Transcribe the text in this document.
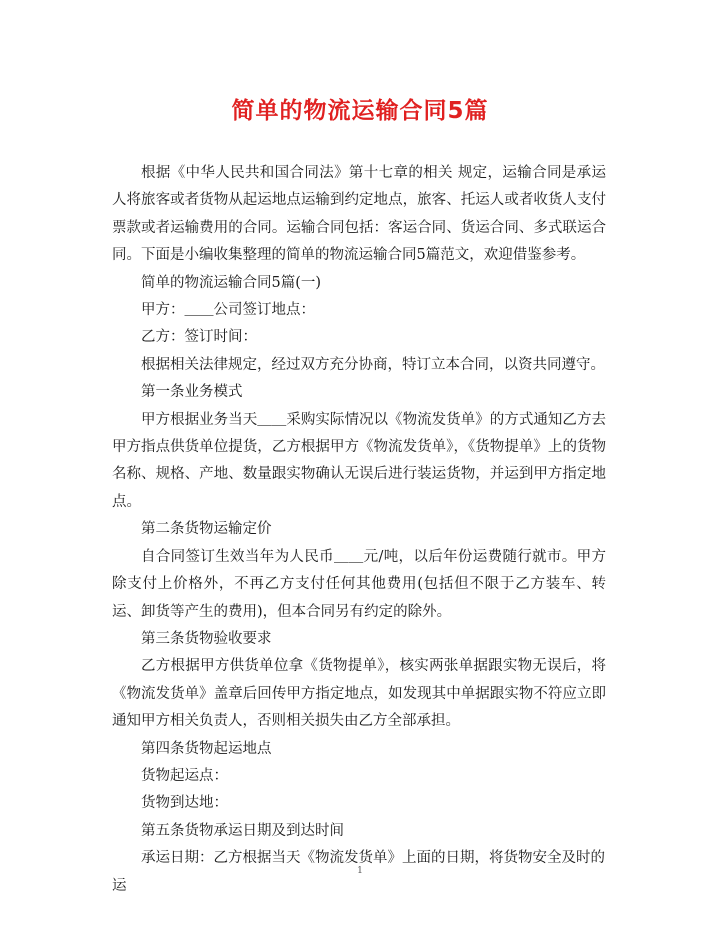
简单的物流运输合同5篇

根据《中华人民共和国合同法》第十七章的相关 规定，运输合同是承运人将旅客或者货物从起运地点运输到约定地点，旅客、托运人或者收货人支付票款或者运输费用的合同。运输合同包括：客运合同、货运合同、多式联运合同。下面是小编收集整理的简单的物流运输合同5篇范文，欢迎借鉴参考。

简单的物流运输合同5篇(一)

甲方：＿＿公司签订地点：

乙方：签订时间：

根据相关法律规定，经过双方充分协商，特订立本合同，以资共同遵守。

第一条业务模式

甲方根据业务当天＿＿采购实际情况以《物流发货单》的方式通知乙方去甲方指点供货单位提货，乙方根据甲方《物流发货单》，《货物提单》上的货物名称、规格、产地、数量跟实物确认无误后进行装运货物，并运到甲方指定地点。

第二条货物运输定价

自合同签订生效当年为人民币＿＿元/吨，以后年份运费随行就市。甲方除支付上价格外，不再乙方支付任何其他费用(包括但不限于乙方装车、转运、卸货等产生的费用)，但本合同另有约定的除外。

第三条货物验收要求

乙方根据甲方供货单位拿《货物提单》，核实两张单据跟实物无误后，将《物流发货单》盖章后回传甲方指定地点，如发现其中单据跟实物不符应立即通知甲方相关负责人，否则相关损失由乙方全部承担。

第四条货物起运地点

货物起运点：

货物到达地：

第五条货物承运日期及到达时间

承运日期：乙方根据当天《物流发货单》上面的日期，将货物安全及时的运

1
